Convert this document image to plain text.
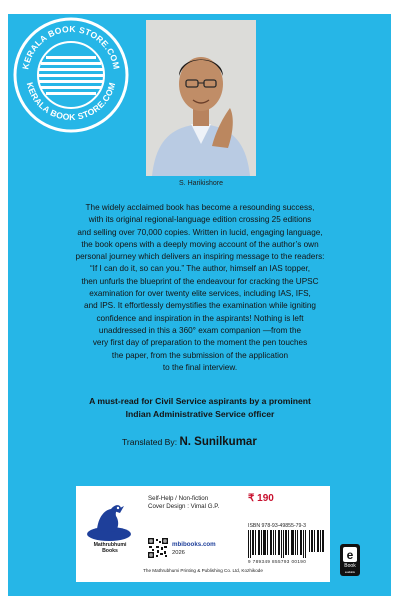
KERALA BOOK STORE.COM
KERALA BOOK STORE.COM
S. Harikishore
The widely acclaimed book has become a resounding success,
with its original regional-language edition crossing 25 editions
and selling over 70,000 copies. Written in lucid, engaging language,
the book opens with a deeply moving account of the author’s own
personal journey which delivers an inspiring message to the readers:
“If I can do it, so can you.” The author, himself an IAS topper,
then unfurls the blueprint of the endeavour for cracking the UPSC
examination for over twenty elite services, including IAS, IFS,
and IPS. It effortlessly demystifies the examination while igniting
confidence and inspiration in the aspirants! Nothing is left
unaddressed in this a 360° exam companion —from the
very first day of preparation to the moment the pen touches
the paper, from the submission of the application
to the final interview.
A must-read for Civil Service aspirants by a prominent
Indian Administrative Service officer
Translated By: N. Sunilkumar
Mathrubhumi
Books
Self-Help / Non-fiction
Cover Design : Vimal G.P.
₹ 190
ISBN 978-93-49855-79-3
9 789349 855793 00190
mbibooks.com
2026
The Mathrubhumi Printing & Publishing Co. Ltd, Kozhikode
e
Book
available
